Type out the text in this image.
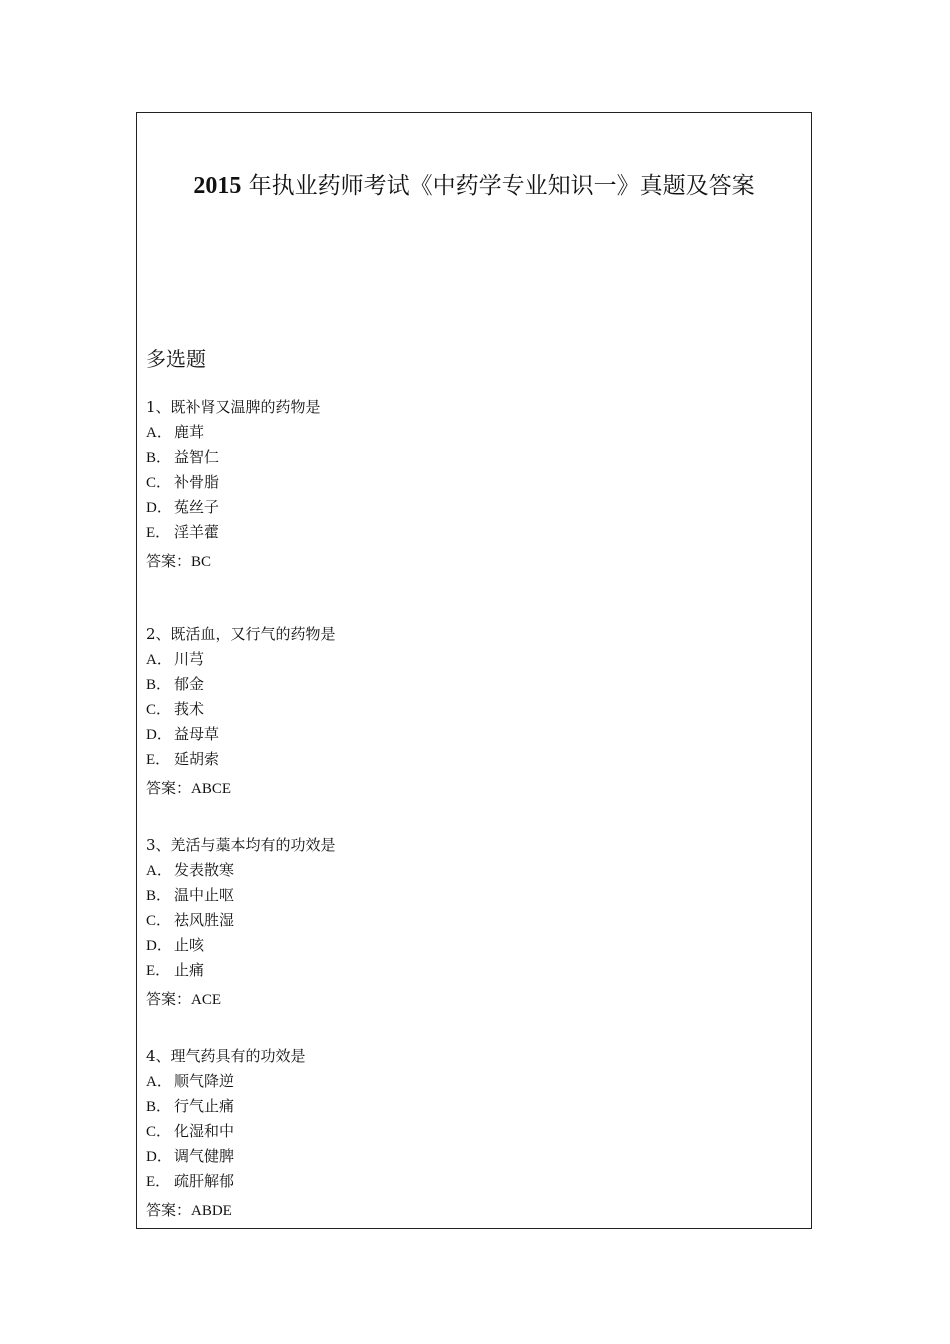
2015 年执业药师考试《中药学专业知识一》真题及答案
多选题
1、既补肾又温脾的药物是
A． 鹿茸
B． 益智仁
C． 补骨脂
D． 菟丝子
E． 淫羊藿
答案：BC
2、既活血，又行气的药物是
A． 川芎
B． 郁金
C． 莪术
D． 益母草
E． 延胡索
答案：ABCE
3、羌活与藁本均有的功效是
A． 发表散寒
B． 温中止呕
C． 祛风胜湿
D． 止咳
E． 止痛
答案：ACE
4、理气药具有的功效是
A． 顺气降逆
B． 行气止痛
C． 化湿和中
D． 调气健脾
E． 疏肝解郁
答案：ABDE
